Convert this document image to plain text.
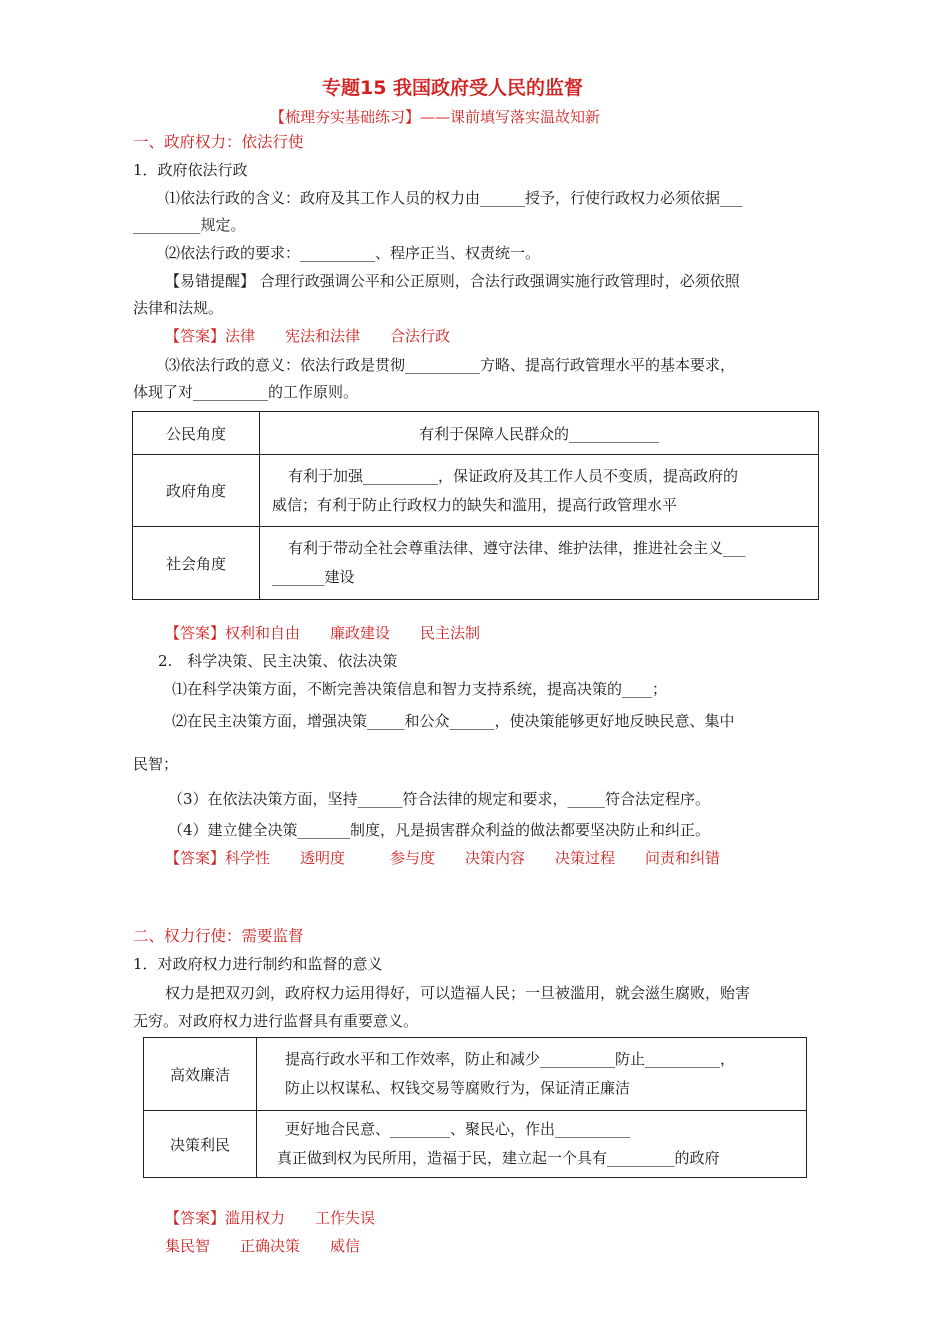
专题15 我国政府受人民的监督
【梳理夯实基础练习】——课前填写落实温故知新
一、政府权力：依法行使
1．政府依法行政
⑴依法行政的含义：政府及其工作人员的权力由______授予，行使行政权力必须依据___
_________规定。
⑵依法行政的要求：__________、程序正当、权责统一。
【易错提醒】 合理行政强调公平和公正原则，合法行政强调实施行政管理时，必须依照
法律和法规。
【答案】法律　　宪法和法律　　合法行政
⑶依法行政的意义：依法行政是贯彻__________方略、提高行政管理水平的基本要求，
体现了对__________的工作原则。
公民角度	有利于保障人民群众的____________
政府角度	有利于加强__________，保证政府及其工作人员不变质，提高政府的
威信；有利于防止行政权力的缺失和滥用，提高行政管理水平

社会角度	有利于带动全社会尊重法律、遵守法律、维护法律，推进社会主义___
_______建设
【答案】权利和自由　　廉政建设　　民主法制
2.　科学决策、民主决策、依法决策
⑴在科学决策方面，不断完善决策信息和智力支持系统，提高决策的____；
⑵在民主决策方面，增强决策_____和公众______，使决策能够更好地反映民意、集中
民智；
（3）在依法决策方面，坚持______符合法律的规定和要求，_____符合法定程序。
（4）建立健全决策_______制度，凡是损害群众利益的做法都要坚决防止和纠正。
【答案】科学性　　透明度　　　参与度　　决策内容　　决策过程　　问责和纠错
二、权力行使：需要监督
1．对政府权力进行制约和监督的意义
权力是把双刃剑，政府权力运用得好，可以造福人民；一旦被滥用，就会滋生腐败，贻害
无穷。对政府权力进行监督具有重要意义。
高效廉洁	提高行政水平和工作效率，防止和减少__________防止__________，
防止以权谋私、权钱交易等腐败行为，保证清正廉洁

决策利民	更好地合民意、________、聚民心，作出__________
真正做到权为民所用，造福于民，建立起一个具有_________的政府
【答案】滥用权力　　工作失误
集民智　　正确决策　　威信
